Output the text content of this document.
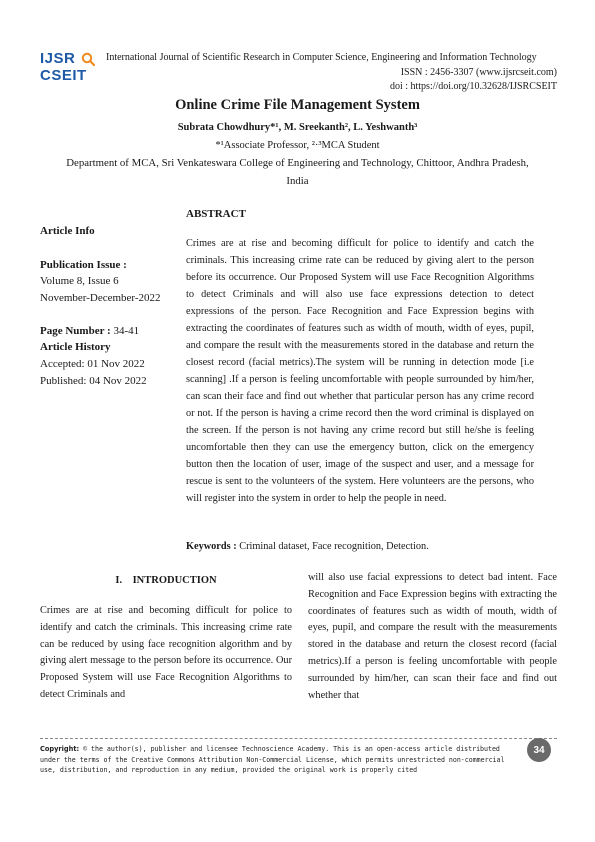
IJSR
CSEIT
International Journal of Scientific Research in Computer Science, Engineering and Information Technology
ISSN : 2456-3307 (www.ijsrcseit.com)
doi : https://doi.org/10.32628/IJSRCSEIT
Online Crime File Management System
Subrata Chowdhury*¹, M. Sreekanth², L. Yeshwanth³
*¹Associate Professor, ²·³MCA Student
Department of MCA, Sri Venkateswara College of Engineering and Technology, Chittoor, Andhra Pradesh,
India
Article Info
Publication Issue :
Volume 8, Issue 6
November-December-2022
Page Number : 34-41
Article History
Accepted: 01 Nov 2022
Published: 04 Nov 2022
ABSTRACT
Crimes are at rise and becoming difficult for police to identify and catch the criminals. This increasing crime rate can be reduced by giving alert to the person before its occurrence. Our Proposed System will use Face Recognition Algorithms to detect Criminals and will also use face expressions detection to detect expressions of the person. Face Recognition and Face Expression begins with extracting the coordinates of features such as width of mouth, width of eyes, pupil, and compare the result with the measurements stored in the database and return the closest record (facial metrics).The system will be running in detection mode [i.e scanning] .If a person is feeling uncomfortable with people surrounded by him/her, can scan their face and find out whether that particular person has any crime record or not. If the person is having a crime record then the word criminal is displayed on the screen. If the person is not having any crime record but still he/she is feeling uncomfortable then they can use the emergency button, click on the emergency button then the location of user, image of the suspect and user, and a message for rescue is sent to the volunteers of the system. Here volunteers are the persons, who will register into the system in order to help the people in need.
Keywords : Criminal dataset, Face recognition, Detection.
I.    INTRODUCTION
Crimes are at rise and becoming difficult for police to identify and catch the criminals. This increasing crime rate can be reduced by using face recognition algorithm and by giving alert message to the person before its occurrence. Our Proposed System will use Face Recognition Algorithms to detect Criminals and
will also use facial expressions to detect bad intent. Face Recognition and Face Expression begins with extracting the coordinates of features such as width of mouth, width of eyes, pupil, and compare the result with the measurements stored in the database and return the closest record (facial metrics).If a person is feeling uncomfortable with people surrounded by him/her, can scan their face and find out whether that
Copyright: © the author(s), publisher and licensee Technoscience Academy. This is an open-access article distributed under the terms of the Creative Commons Attribution Non-Commercial License, which permits unrestricted non-commercial use, distribution, and reproduction in any medium, provided the original work is properly cited
34
